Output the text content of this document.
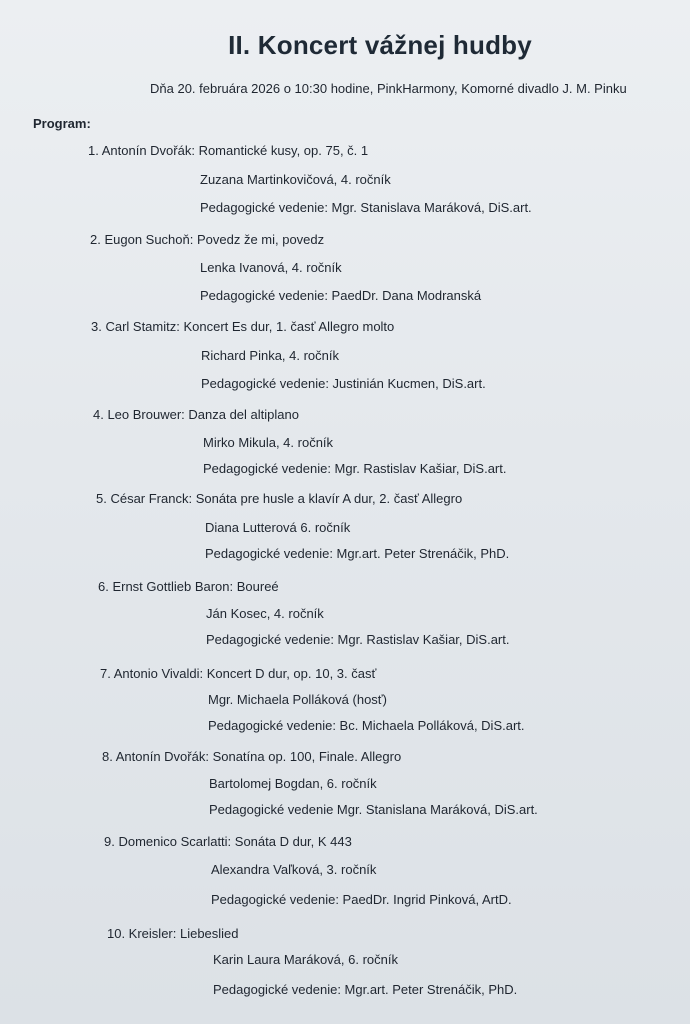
II. Koncert vážnej hudby
Dňa 20. februára 2026 o 10:30 hodine, PinkHarmony, Komorné divadlo J. M. Pinku
Program:
1. Antonín Dvořák: Romantické kusy, op. 75, č. 1
Zuzana Martinkovičová, 4. ročník
Pedagogické vedenie: Mgr. Stanislava Maráková, DiS.art.
2. Eugon Suchoň: Povedz že mi, povedz
Lenka Ivanová, 4. ročník
Pedagogické vedenie: PaedDr. Dana Modranská
3. Carl Stamitz: Koncert Es dur, 1. časť Allegro molto
Richard Pinka, 4. ročník
Pedagogické vedenie: Justinián Kucmen, DiS.art.
4. Leo Brouwer: Danza del altiplano
Mirko Mikula, 4. ročník
Pedagogické vedenie: Mgr. Rastislav Kašiar, DiS.art.
5. César Franck: Sonáta pre husle a klavír A dur, 2. časť Allegro
Diana Lutterová 6. ročník
Pedagogické vedenie: Mgr.art. Peter Strenáčik, PhD.
6. Ernst Gottlieb Baron: Boureé
Ján Kosec, 4. ročník
Pedagogické vedenie: Mgr. Rastislav Kašiar, DiS.art.
7. Antonio Vivaldi: Koncert D dur, op. 10, 3. časť
Mgr. Michaela Polláková (hosť)
Pedagogické vedenie: Bc. Michaela Polláková, DiS.art.
8. Antonín Dvořák: Sonatína op. 100, Finale. Allegro
Bartolomej Bogdan, 6. ročník
Pedagogické vedenie Mgr. Stanislana Maráková, DiS.art.
9. Domenico Scarlatti: Sonáta D dur, K 443
Alexandra Vaľková, 3. ročník
Pedagogické vedenie: PaedDr. Ingrid Pinková, ArtD.
10. Kreisler: Liebeslied
Karin Laura Maráková, 6. ročník
Pedagogické vedenie: Mgr.art. Peter Strenáčik, PhD.
